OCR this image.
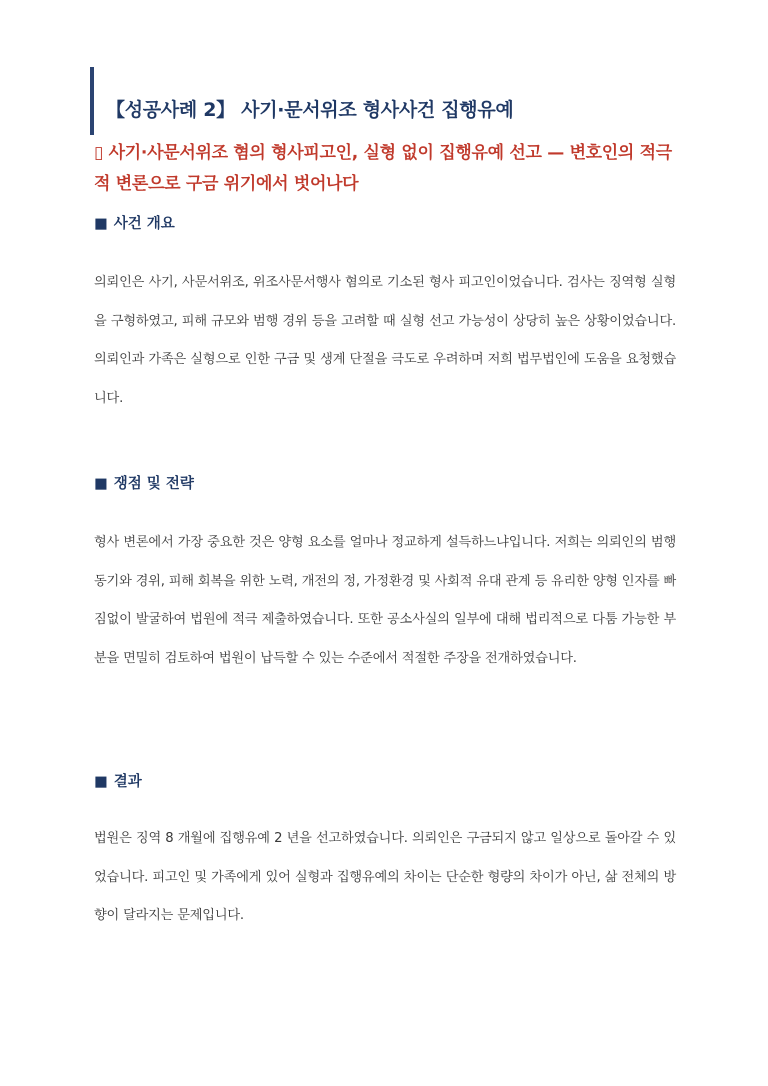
【성공사례 2】 사기·문서위조 형사사건 집행유예

▯ 사기·사문서위조 혐의 형사피고인, 실형 없이 집행유예 선고 — 변호인의 적극적 변론으로 구금 위기에서 벗어나다

■ 사건 개요

의뢰인은 사기, 사문서위조, 위조사문서행사 혐의로 기소된 형사 피고인이었습니다. 검사는 징역형 실형을 구형하였고, 피해 규모와 범행 경위 등을 고려할 때 실형 선고 가능성이 상당히 높은 상황이었습니다. 의뢰인과 가족은 실형으로 인한 구금 및 생계 단절을 극도로 우려하며 저희 법무법인에 도움을 요청했습니다.

■ 쟁점 및 전략

형사 변론에서 가장 중요한 것은 양형 요소를 얼마나 정교하게 설득하느냐입니다. 저희는 의뢰인의 범행 동기와 경위, 피해 회복을 위한 노력, 개전의 정, 가정환경 및 사회적 유대 관계 등 유리한 양형 인자를 빠짐없이 발굴하여 법원에 적극 제출하였습니다. 또한 공소사실의 일부에 대해 법리적으로 다툼 가능한 부분을 면밀히 검토하여 법원이 납득할 수 있는 수준에서 적절한 주장을 전개하였습니다.

■ 결과

법원은 징역 8 개월에 집행유예 2 년을 선고하였습니다. 의뢰인은 구금되지 않고 일상으로 돌아갈 수 있었습니다. 피고인 및 가족에게 있어 실형과 집행유예의 차이는 단순한 형량의 차이가 아닌, 삶 전체의 방향이 달라지는 문제입니다.
